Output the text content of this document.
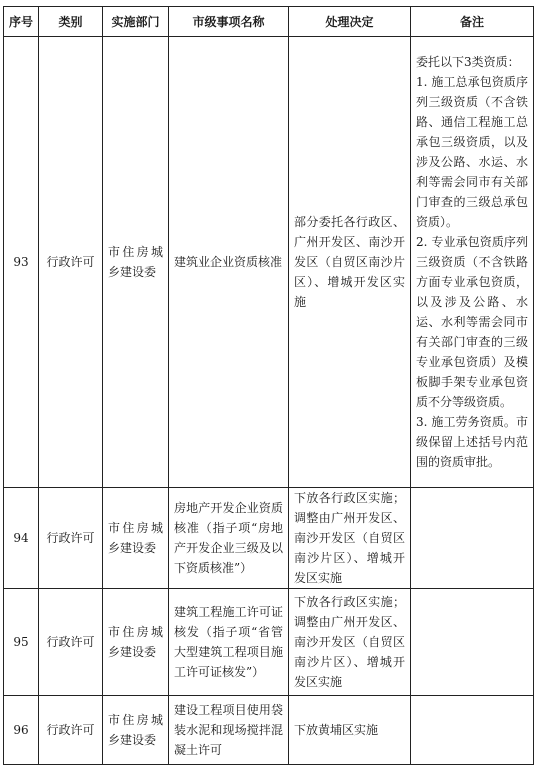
序号	类别	实施部门	市级事项名称	处理决定	备注
93	行政许可	市住房城乡建设委	建筑业企业资质核准	部分委托各行政区、广州开发区、南沙开发区（自贸区南沙片区）、增城开发区实施	委托以下3类资质：
1. 施工总承包资质序列三级资质（不含铁路、通信工程施工总承包三级资质，以及涉及公路、水运、水利等需会同市有关部门审查的三级总承包资质）。
2. 专业承包资质序列三级资质（不含铁路方面专业承包资质，以及涉及公路、水运、水利等需会同市有关部门审查的三级专业承包资质）及模板脚手架专业承包资质不分等级资质。
3. 施工劳务资质。市级保留上述括号内范围的资质审批。

94	行政许可	市住房城乡建设委	房地产开发企业资质核准（指子项“房地产开发企业三级及以下资质核准”）	下放各行政区实施；调整由广州开发区、南沙开发区（自贸区南沙片区）、增城开发区实施	
95	行政许可	市住房城乡建设委	建筑工程施工许可证核发（指子项“省管大型建筑工程项目施工许可证核发”）	下放各行政区实施；调整由广州开发区、南沙开发区（自贸区南沙片区）、增城开发区实施	
96	行政许可	市住房城乡建设委	建设工程项目使用袋装水泥和现场搅拌混凝土许可	下放黄埔区实施	
